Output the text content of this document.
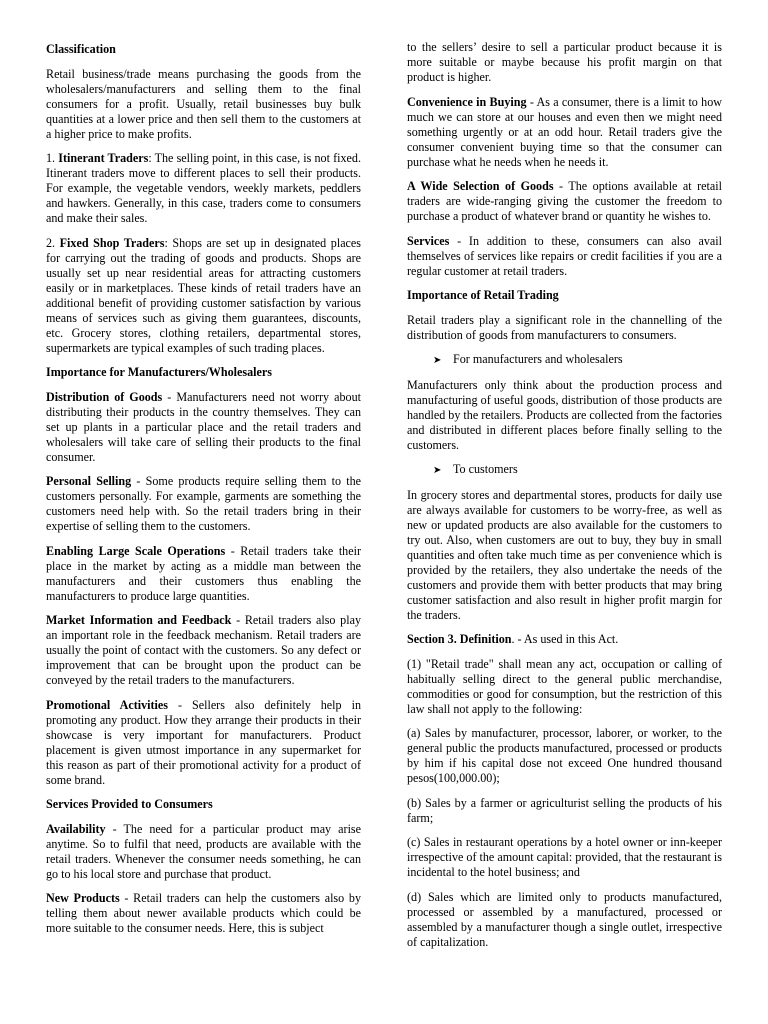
Classification

Retail business/trade means purchasing the goods from the wholesalers/manufacturers and selling them to the final consumers for a profit. Usually, retail businesses buy bulk quantities at a lower price and then sell them to the customers at a higher price to make profits.

1. Itinerant Traders: The selling point, in this case, is not fixed. Itinerant traders move to different places to sell their products. For example, the vegetable vendors, weekly markets, peddlers and hawkers. Generally, in this case, traders come to consumers and make their sales.

2. Fixed Shop Traders: Shops are set up in designated places for carrying out the trading of goods and products. Shops are usually set up near residential areas for attracting customers easily or in marketplaces. These kinds of retail traders have an additional benefit of providing customer satisfaction by various means of services such as giving them guarantees, discounts, etc. Grocery stores, clothing retailers, departmental stores, supermarkets are typical examples of such trading places.

Importance for Manufacturers/Wholesalers

Distribution of Goods - Manufacturers need not worry about distributing their products in the country themselves. They can set up plants in a particular place and the retail traders and wholesalers will take care of selling their products to the final consumer.

Personal Selling - Some products require selling them to the customers personally. For example, garments are something the customers need help with. So the retail traders bring in their expertise of selling them to the customers.

Enabling Large Scale Operations - Retail traders take their place in the market by acting as a middle man between the manufacturers and their customers thus enabling the manufacturers to produce large quantities.

Market Information and Feedback - Retail traders also play an important role in the feedback mechanism. Retail traders are usually the point of contact with the customers. So any defect or improvement that can be brought upon the product can be conveyed by the retail traders to the manufacturers.

Promotional Activities - Sellers also definitely help in promoting any product. How they arrange their products in their showcase is very important for manufacturers. Product placement is given utmost importance in any supermarket for this reason as part of their promotional activity for a product of some brand.

Services Provided to Consumers

Availability - The need for a particular product may arise anytime. So to fulfil that need, products are available with the retail traders. Whenever the consumer needs something, he can go to his local store and purchase that product.

New Products - Retail traders can help the customers also by telling them about newer available products which could be more suitable to the consumer needs. Here, this is subject

to the sellers’ desire to sell a particular product because it is more suitable or maybe because his profit margin on that product is higher.

Convenience in Buying - As a consumer, there is a limit to how much we can store at our houses and even then we might need something urgently or at an odd hour. Retail traders give the consumer convenient buying time so that the consumer can purchase what he needs when he needs it.

A Wide Selection of Goods - The options available at retail traders are wide-ranging giving the customer the freedom to purchase a product of whatever brand or quantity he wishes to.

Services - In addition to these, consumers can also avail themselves of services like repairs or credit facilities if you are a regular customer at retail traders.

Importance of Retail Trading

Retail traders play a significant role in the channelling of the distribution of goods from manufacturers to consumers.

➤ For manufacturers and wholesalers

Manufacturers only think about the production process and manufacturing of useful goods, distribution of those products are handled by the retailers. Products are collected from the factories and distributed in different places before finally selling to the customers.

➤ To customers

In grocery stores and departmental stores, products for daily use are always available for customers to be worry-free, as well as new or updated products are also available for the customers to try out. Also, when customers are out to buy, they buy in small quantities and often take much time as per convenience which is provided by the retailers, they also undertake the needs of the customers and provide them with better products that may bring customer satisfaction and also result in higher profit margin for the traders.

Section 3. Definition. - As used in this Act.

(1) "Retail trade" shall mean any act, occupation or calling of habitually selling direct to the general public merchandise, commodities or good for consumption, but the restriction of this law shall not apply to the following:

(a) Sales by manufacturer, processor, laborer, or worker, to the general public the products manufactured, processed or products by him if his capital dose not exceed One hundred thousand pesos(100,000.00);

(b) Sales by a farmer or agriculturist selling the products of his farm;

(c) Sales in restaurant operations by a hotel owner or inn-keeper irrespective of the amount capital: provided, that the restaurant is incidental to the hotel business; and

(d) Sales which are limited only to products manufactured, processed or assembled by a manufactured, processed or assembled by a manufacturer though a single outlet, irrespective of capitalization.
